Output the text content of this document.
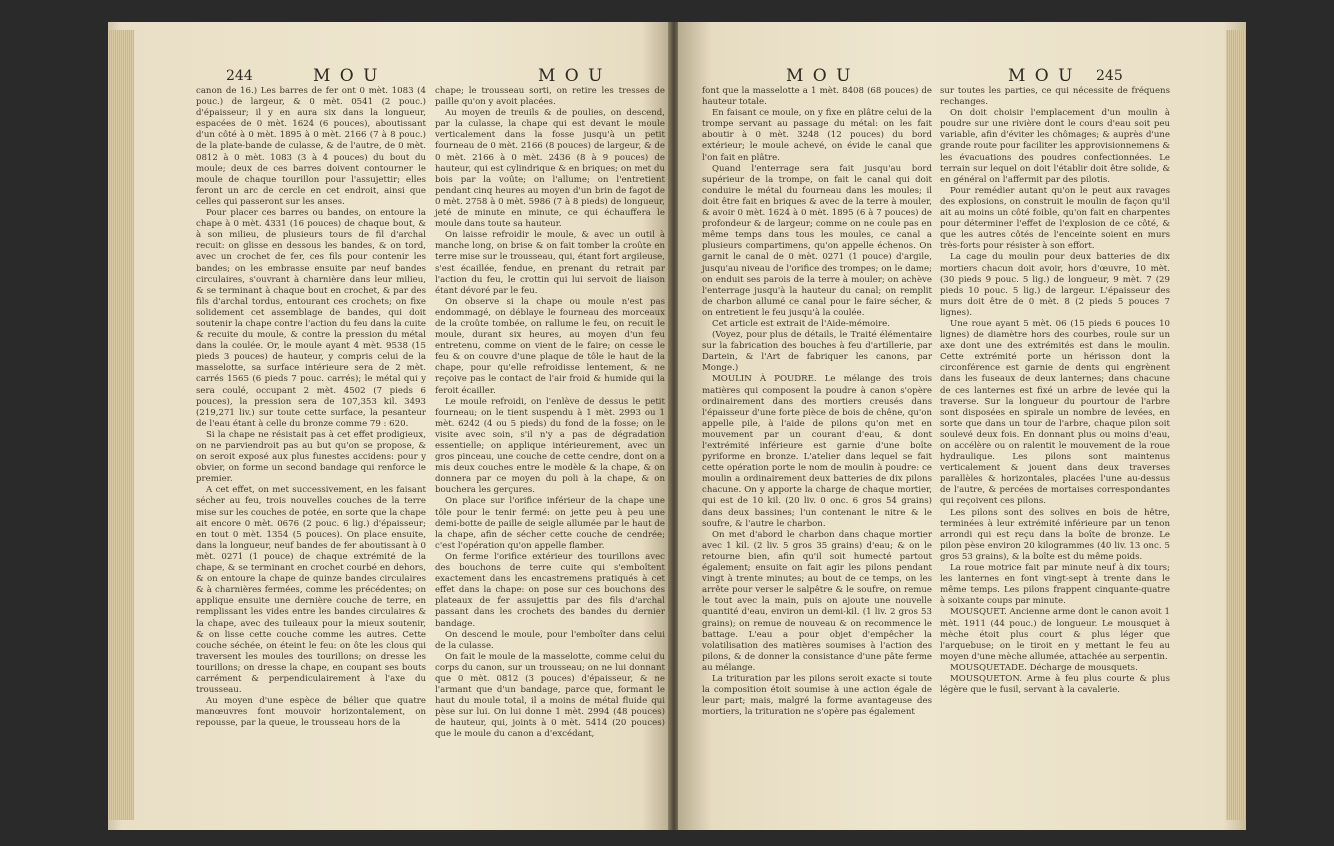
244	M O U	M O U

canon de 16.) Les barres de fer ont 0 mèt. 1083 (4 pouc.) de largeur, & 0 mèt. 0541 (2 pouc.) d'épaisseur; il y en aura six dans la longueur, espacées de 0 mèt. 1624 (6 pouces), aboutissant d'un côté à 0 mèt. 1895 à 0 mèt. 2166 (7 à 8 pouc.) de la plate-bande de culasse, & de l'autre, de 0 mèt. 0812 à 0 mèt. 1083 (3 à 4 pouces) du bout du moule; deux de ces barres doivent contourner le moule de chaque tourillon pour l'assujettir; elles feront un arc de cercle en cet endroit, ainsi que celles qui passeront sur les anses.

Pour placer ces barres ou bandes, on entoure la chape à 0 mèt. 4331 (16 pouces) de chaque bout, & à son milieu, de plusieurs tours de fil d'archal recuit: on glisse en dessous les bandes, & on tord, avec un crochet de fer, ces fils pour contenir les bandes; on les embrasse ensuite par neuf bandes circulaires, s'ouvrant à charnière dans leur milieu, & se terminant à chaque bout en crochet, & par des fils d'archal tordus, entourant ces crochets; on fixe solidement cet assemblage de bandes, qui doit soutenir la chape contre l'action du feu dans la cuite & recuite du moule, & contre la pression du métal dans la coulée. Or, le moule ayant 4 mèt. 9538 (15 pieds 3 pouces) de hauteur, y compris celui de la masselotte, sa surface intérieure sera de 2 mèt. carrés 1565 (6 pieds 7 pouc. carrés); le métal qui y sera coulé, occupant 2 mèt. 4502 (7 pieds 6 pouces), la pression sera de 107,353 kil. 3493 (219,271 liv.) sur toute cette surface, la pesanteur de l'eau étant à celle du bronze comme 79 : 620.

Si la chape ne résistait pas à cet effet prodigieux, on ne parviendroit pas au but qu'on se propose, & on seroit exposé aux plus funestes accidens: pour y obvier, on forme un second bandage qui renforce le premier.

A cet effet, on met successivement, en les faisant sécher au feu, trois nouvelles couches de la terre mise sur les couches de potée, en sorte que la chape ait encore 0 mèt. 0676 (2 pouc. 6 lig.) d'épaisseur; en tout 0 mèt. 1354 (5 pouces). On place ensuite, dans la longueur, neuf bandes de fer aboutissant à 0 mèt. 0271 (1 pouce) de chaque extrémité de la chape, & se terminant en crochet courbé en dehors, & on entoure la chape de quinze bandes circulaires & à charnières fermées, comme les précédentes; on applique ensuite une dernière couche de terre, en remplissant les vides entre les bandes circulaires & la chape, avec des tuileaux pour la mieux soutenir, & on lisse cette couche comme les autres. Cette couche séchée, on éteint le feu: on ôte les clous qui traversent les moules des tourillons; on dresse les tourillons; on dresse la chape, en coupant ses bouts carrément & perpendiculairement à l'axe du trousseau.

Au moyen d'une espèce de bélier que quatre manœuvres font mouvoir horizontalement, on repousse, par la queue, le trousseau hors de la

chape; le trousseau sorti, on retire les tresses de paille qu'on y avoit placées.

Au moyen de treuils & de poulies, on descend, par la culasse, la chape qui est devant le moule verticalement dans la fosse jusqu'à un petit fourneau de 0 mèt. 2166 (8 pouces) de largeur, & de 0 mèt. 2166 à 0 mèt. 2436 (8 à 9 pouces) de hauteur, qui est cylindrique & en briques; on met du bois par la voûte; on l'allume; on l'entretient pendant cinq heures au moyen d'un brin de fagot de 0 mèt. 2758 à 0 mèt. 5986 (7 à 8 pieds) de longueur, jeté de minute en minute, ce qui échauffera le moule dans toute sa hauteur.

On laisse refroidir le moule, & avec un outil à manche long, on brise & on fait tomber la croûte en terre mise sur le trousseau, qui, étant fort argileuse, s'est écaillée, fendue, en prenant du retrait par l'action du feu, le crottin qui lui servoit de liaison étant dévoré par le feu.

On observe si la chape ou moule n'est pas endommagé, on déblaye le fourneau des morceaux de la croûte tombée, on rallume le feu, on recuit le moule, durant six heures, au moyen d'un feu entretenu, comme on vient de le faire; on cesse le feu & on couvre d'une plaque de tôle le haut de la chape, pour qu'elle refroidisse lentement, & ne reçoive pas le contact de l'air froid & humide qui la feroit écailler.

Le moule refroidi, on l'enlève de dessus le petit fourneau; on le tient suspendu à 1 mèt. 2993 ou 1 mèt. 6242 (4 ou 5 pieds) du fond de la fosse; on le visite avec soin, s'il n'y a pas de dégradation essentielle; on applique intérieurement, avec un gros pinceau, une couche de cette cendre, dont on a mis deux couches entre le modèle & la chape, & on donnera par ce moyen du poli à la chape, & on bouchera les gerçures.

On place sur l'orifice inférieur de la chape une tôle pour le tenir fermé: on jette peu à peu une demi-botte de paille de seigle allumée par le haut de la chape, afin de sécher cette couche de cendrée; c'est l'opération qu'on appelle flamber.

On ferme l'orifice extérieur des tourillons avec des bouchons de terre cuite qui s'emboîtent exactement dans les encastremens pratiqués à cet effet dans la chape: on pose sur ces bouchons des plateaux de fer assujettis par des fils d'archal passant dans les crochets des bandes du dernier bandage.

On descend le moule, pour l'emboîter dans celui de la culasse.

On fait le moule de la masselotte, comme celui du corps du canon, sur un trousseau; on ne lui donnant que 0 mèt. 0812 (3 pouces) d'épaisseur, & ne l'armant que d'un bandage, parce que, formant le haut du moule total, il a moins de métal fluide qui pèse sur lui. On lui donne 1 mèt. 2994 (48 pouces) de hauteur, qui, joints à 0 mèt. 5414 (20 pouces) que le moule du canon a d'excédant,

M O U	M O U 245

font que la masselotte a 1 mèt. 8408 (68 pouces) de hauteur totale.

En faisant ce moule, on y fixe en plâtre celui de la trompe servant au passage du métal: on les fait aboutir à 0 mèt. 3248 (12 pouces) du bord extérieur; le moule achevé, on évide le canal que l'on fait en plâtre.

Quand l'enterrage sera fait jusqu'au bord supérieur de la trompe, on fait le canal qui doit conduire le métal du fourneau dans les moules; il doit être fait en briques & avec de la terre à mouler, & avoir 0 mèt. 1624 à 0 mèt. 1895 (6 à 7 pouces) de profondeur & de largeur; comme on ne coule pas en même temps dans tous les moules, ce canal a plusieurs compartimens, qu'on appelle échenos. On garnit le canal de 0 mèt. 0271 (1 pouce) d'argile, jusqu'au niveau de l'orifice des trompes; on le dame; on enduit ses parois de la terre à mouler; on achève l'enterrage jusqu'à la hauteur du canal; on remplit de charbon allumé ce canal pour le faire sécher, & on entretient le feu jusqu'à la coulée.

Cet article est extrait de l'Aide-mémoire.

(Voyez, pour plus de détails, le Traité élémentaire sur la fabrication des bouches à feu d'artillerie, par Dartein, & l'Art de fabriquer les canons, par Monge.)

MOULIN À POUDRE. Le mélange des trois matières qui composent la poudre à canon s'opère ordinairement dans des mortiers creusés dans l'épaisseur d'une forte pièce de bois de chêne, qu'on appelle pile, à l'aide de pilons qu'on met en mouvement par un courant d'eau, & dont l'extrémité inférieure est garnie d'une boîte pyriforme en bronze. L'atelier dans lequel se fait cette opération porte le nom de moulin à poudre: ce moulin a ordinairement deux batteries de dix pilons chacune. On y apporte la charge de chaque mortier, qui est de 10 kil. (20 liv. 0 onc. 6 gros 54 grains) dans deux bassines; l'un contenant le nitre & le soufre, & l'autre le charbon.

On met d'abord le charbon dans chaque mortier avec 1 kil. (2 liv. 5 gros 35 grains) d'eau; & on le retourne bien, afin qu'il soit humecté partout également; ensuite on fait agir les pilons pendant vingt à trente minutes; au bout de ce temps, on les arrête pour verser le salpêtre & le soufre, on remue le tout avec la main, puis on ajoute une nouvelle quantité d'eau, environ un demi-kil. (1 liv. 2 gros 53 grains); on remue de nouveau & on recommence le battage. L'eau a pour objet d'empêcher la volatilisation des matières soumises à l'action des pilons, & de donner la consistance d'une pâte ferme au mélange.

La trituration par les pilons seroit exacte si toute la composition étoit soumise à une action égale de leur part; mais, malgré la forme avantageuse des mortiers, la trituration ne s'opère pas également

sur toutes les parties, ce qui nécessite de fréquens rechanges.

On doit choisir l'emplacement d'un moulin à poudre sur une rivière dont le cours d'eau soit peu variable, afin d'éviter les chômages; & auprès d'une grande route pour faciliter les approvisionnemens & les évacuations des poudres confectionnées. Le terrain sur lequel on doit l'établir doit être solide, & en général on l'affermit par des pilotis.

Pour remédier autant qu'on le peut aux ravages des explosions, on construit le moulin de façon qu'il ait au moins un côté foible, qu'on fait en charpentes pour déterminer l'effet de l'explosion de ce côté, & que les autres côtés de l'enceinte soient en murs très-forts pour résister à son effort.

La cage du moulin pour deux batteries de dix mortiers chacun doit avoir, hors d'œuvre, 10 mèt. (30 pieds 9 pouc. 5 lig.) de longueur, 9 mèt. 7 (29 pieds 10 pouc. 5 lig.) de largeur. L'épaisseur des murs doit être de 0 mèt. 8 (2 pieds 5 pouces 7 lignes).

Une roue ayant 5 mèt. 06 (15 pieds 6 pouces 10 lignes) de diamètre hors des courbes, roule sur un axe dont une des extrémités est dans le moulin. Cette extrémité porte un hérisson dont la circonférence est garnie de dents qui engrènent dans les fuseaux de deux lanternes; dans chacune de ces lanternes est fixé un arbre de levée qui la traverse. Sur la longueur du pourtour de l'arbre sont disposées en spirale un nombre de levées, en sorte que dans un tour de l'arbre, chaque pilon soit soulevé deux fois. En donnant plus ou moins d'eau, on accélère ou on ralentit le mouvement de la roue hydraulique. Les pilons sont maintenus verticalement & jouent dans deux traverses parallèles & horizontales, placées l'une au-dessus de l'autre, & percées de mortaises correspondantes qui reçoivent ces pilons.

Les pilons sont des solives en bois de hêtre, terminées à leur extrémité inférieure par un tenon arrondi qui est reçu dans la boîte de bronze. Le pilon pèse environ 20 kilogrammes (40 liv. 13 onc. 5 gros 53 grains), & la boîte est du même poids.

La roue motrice fait par minute neuf à dix tours; les lanternes en font vingt-sept à trente dans le même temps. Les pilons frappent cinquante-quatre à soixante coups par minute.

MOUSQUET. Ancienne arme dont le canon avoit 1 mèt. 1911 (44 pouc.) de longueur. Le mousquet à mèche étoit plus court & plus léger que l'arquebuse; on le tiroit en y mettant le feu au moyen d'une mèche allumée, attachée au serpentin.

MOUSQUETADE. Décharge de mousquets.

MOUSQUETON. Arme à feu plus courte & plus légère que le fusil, servant à la cavalerie.
